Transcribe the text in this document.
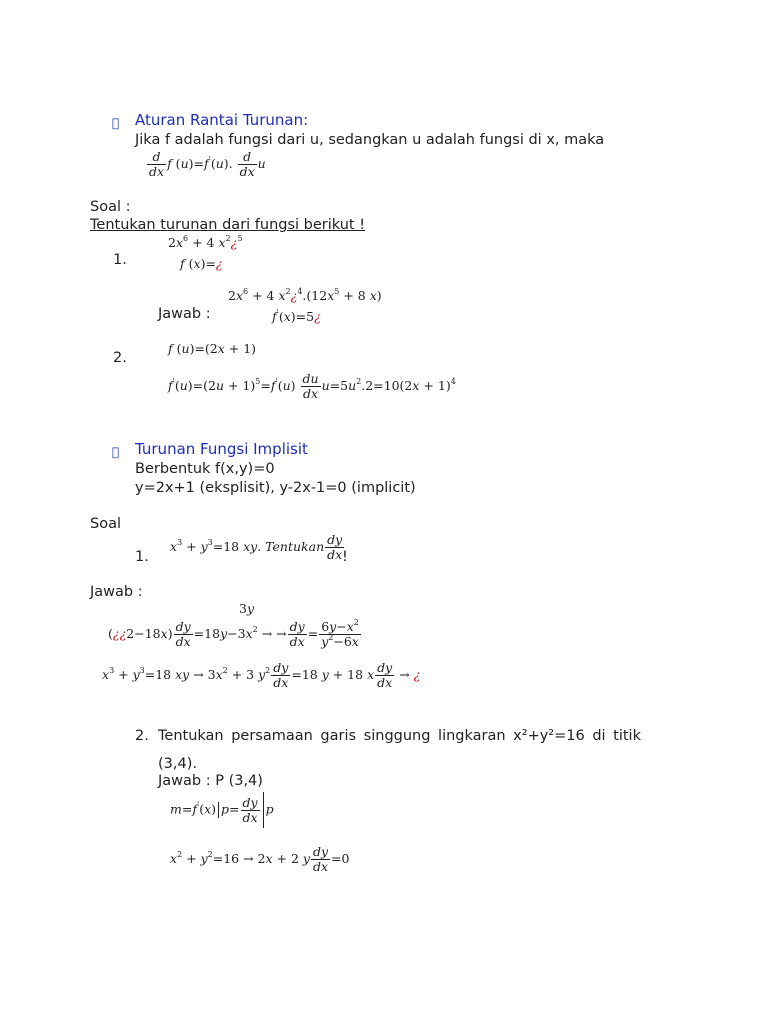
Aturan Rantai Turunan:
Jika f adalah fungsi dari u, sedangkan u adalah fungsi di x, maka
$\frac{d}{dx}$ f (u)=f'(u). $\frac{d}{dx}$ u
Soal :
Tentukan turunan dari fungsi berikut !
$2x^6 + 4$ $x^2¿^5$
1.	f (x)=¿
$2x^6 + 4$ $x^2¿^4.(12x^5 + 8$ x)
Jawab :	f'(x)=5¿
f (u)=(2x + 1)
2.
$f'(u)=(2u + 1)^5=f'(u) \frac{du}{dx} u=5u^2.2=10(2x + 1)^4$
Turunan Fungsi Implisit
Berbentuk f(x,y)=0
y=2x+1 (eksplisit), y-2x-1=0 (implicit)
Soal
1.
$x^3 + y^3=18$ xy. Tentukan $\frac{dy}{dx}$
!
Jawab :
3y
(¿¿2−18x) $\frac{dy}{dx} =18y-3x^2$ → → $\frac{dy}{dx} = \frac{6y-x^2}{y^2-6x}$
$x^3 + y^3=18$ xy → $3x^2 + 3$ $y^2 \frac{dy}{dx} =18$ y + 18 x $\frac{dy}{dx}$ → ¿
2. Tentukan persamaan garis singgung lingkaran x²+y²=16 di titik
(3,4).
Jawab : P (3,4)
m=f'(x) $p= \frac{dy}{dx}$ p
$x^2 + y^2=16 \to 2x + 2$ y $\frac{dy}{dx} =0$
